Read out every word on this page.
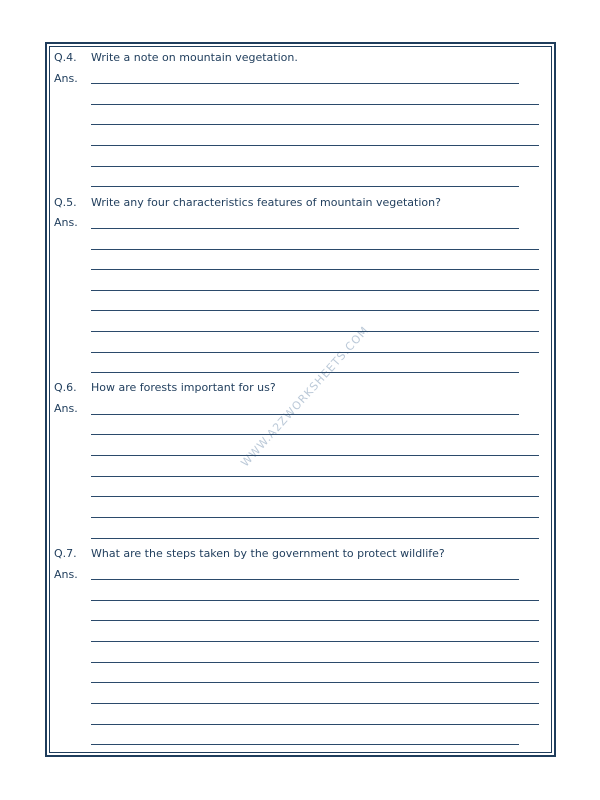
WWW.A2ZWORKSHEETS.COM
Q.4. Write a note on mountain vegetation.
Ans.
Q.5. Write any four characteristics features of mountain vegetation?
Ans.
Q.6. How are forests important for us?
Ans.
Q.7. What are the steps taken by the government to protect wildlife?
Ans.
